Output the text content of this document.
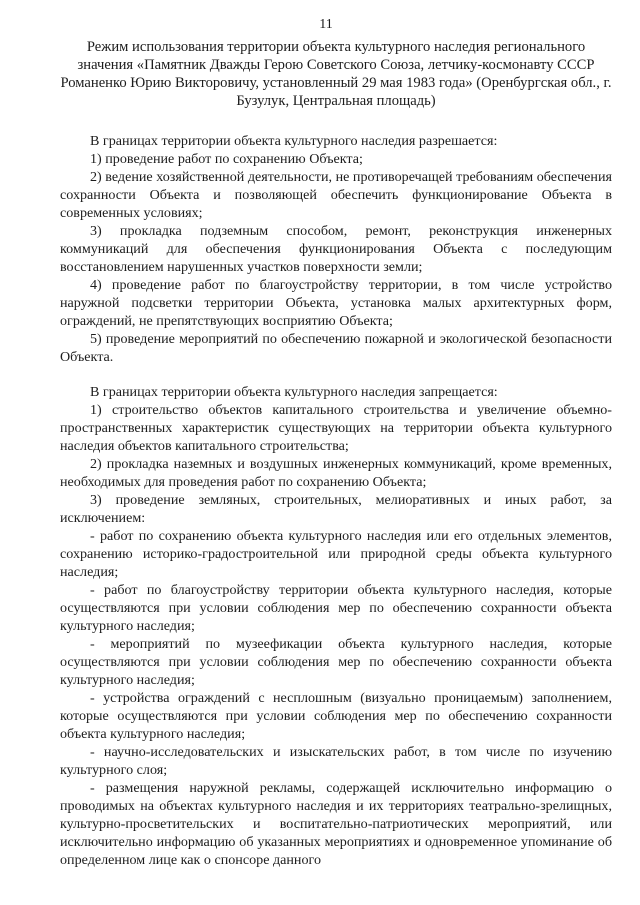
11
Режим использования территории объекта культурного наследия регионального значения «Памятник Дважды Герою Советского Союза, летчику-космонавту СССР Романенко Юрию Викторовичу, установленный 29 мая 1983 года» (Оренбургская обл., г. Бузулук, Центральная площадь)

В границах территории объекта культурного наследия разрешается:

1) проведение работ по сохранению Объекта;

2) ведение хозяйственной деятельности, не противоречащей требованиям обеспечения сохранности Объекта и позволяющей обеспечить функционирование Объекта в современных условиях;

3) прокладка подземным способом, ремонт, реконструкция инженерных коммуникаций для обеспечения функционирования Объекта с последующим восстановлением нарушенных участков поверхности земли;

4) проведение работ по благоустройству территории, в том числе устройство наружной подсветки территории Объекта, установка малых архитектурных форм, ограждений, не препятствующих восприятию Объекта;

5) проведение мероприятий по обеспечению пожарной и экологической безопасности Объекта.

В границах территории объекта культурного наследия запрещается:

1) строительство объектов капитального строительства и увеличение объемно-пространственных характеристик существующих на территории объекта культурного наследия объектов капитального строительства;

2) прокладка наземных и воздушных инженерных коммуникаций, кроме временных, необходимых для проведения работ по сохранению Объекта;

3) проведение земляных, строительных, мелиоративных и иных работ, за исключением:

- работ по сохранению объекта культурного наследия или его отдельных элементов, сохранению историко-градостроительной или природной среды объекта культурного наследия;

- работ по благоустройству территории объекта культурного наследия, которые осуществляются при условии соблюдения мер по обеспечению сохранности объекта культурного наследия;

- мероприятий по музеефикации объекта культурного наследия, которые осуществляются при условии соблюдения мер по обеспечению сохранности объекта культурного наследия;

- устройства ограждений с несплошным (визуально проницаемым) заполнением, которые осуществляются при условии соблюдения мер по обеспечению сохранности объекта культурного наследия;

- научно-исследовательских и изыскательских работ, в том числе по изучению культурного слоя;

- размещения наружной рекламы, содержащей исключительно информацию о проводимых на объектах культурного наследия и их территориях театрально-зрелищных, культурно-просветительских и воспитательно-патриотических мероприятий, или исключительно информацию об указанных мероприятиях и одновременное упоминание об определенном лице как о спонсоре данного
